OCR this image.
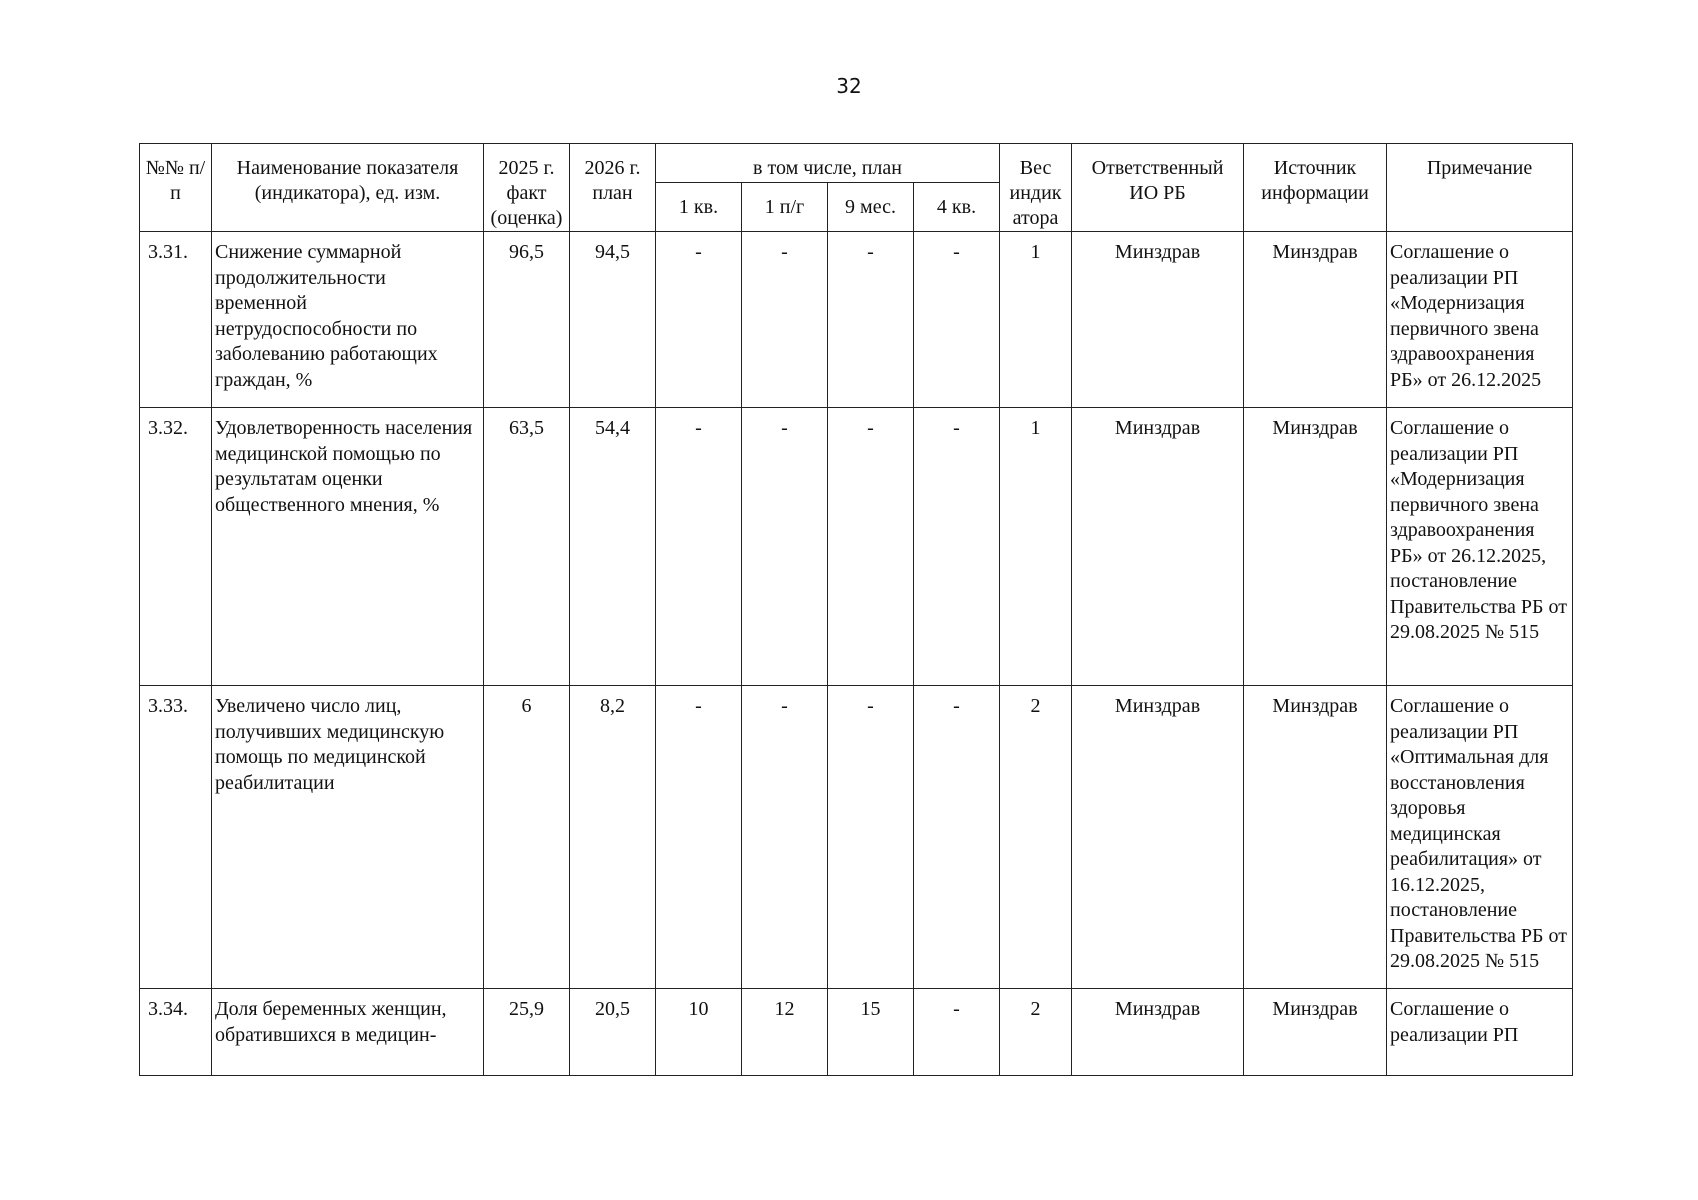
32
№№ п/п	Наименование показателя (индикатора), ед. изм.	2025 г. факт (оценка)	2026 г. план	в том числе, план				Вес индик атора	Ответственный ИО РБ	Источник информации	Примечание
				1 кв.	1 п/г	9 мес.	4 кв.				
3.31.	Снижение суммарной продолжительности временной нетрудоспособности по заболеванию работающих граждан, %	96,5	94,5	-	-	-	-	1	Минздрав	Минздрав	Соглашение о реализации РП «Модернизация первичного звена здравоохранения РБ» от 26.12.2025
3.32.	Удовлетворенность населения медицинской помощью по результатам оценки общественного мнения, %	63,5	54,4	-	-	-	-	1	Минздрав	Минздрав	Соглашение о реализации РП «Модернизация первичного звена здравоохранения РБ» от 26.12.2025, постановление Правительства РБ от 29.08.2025 № 515
3.33.	Увеличено число лиц, получивших медицинскую помощь по медицинской реабилитации	6	8,2	-	-	-	-	2	Минздрав	Минздрав	Соглашение о реализации РП «Оптимальная для восстановления здоровья медицинская реабилитация» от 16.12.2025, постановление Правительства РБ от 29.08.2025 № 515
3.34.	Доля беременных женщин, обратившихся в медицин-	25,9	20,5	10	12	15	-	2	Минздрав	Минздрав	Соглашение о реализации РП
